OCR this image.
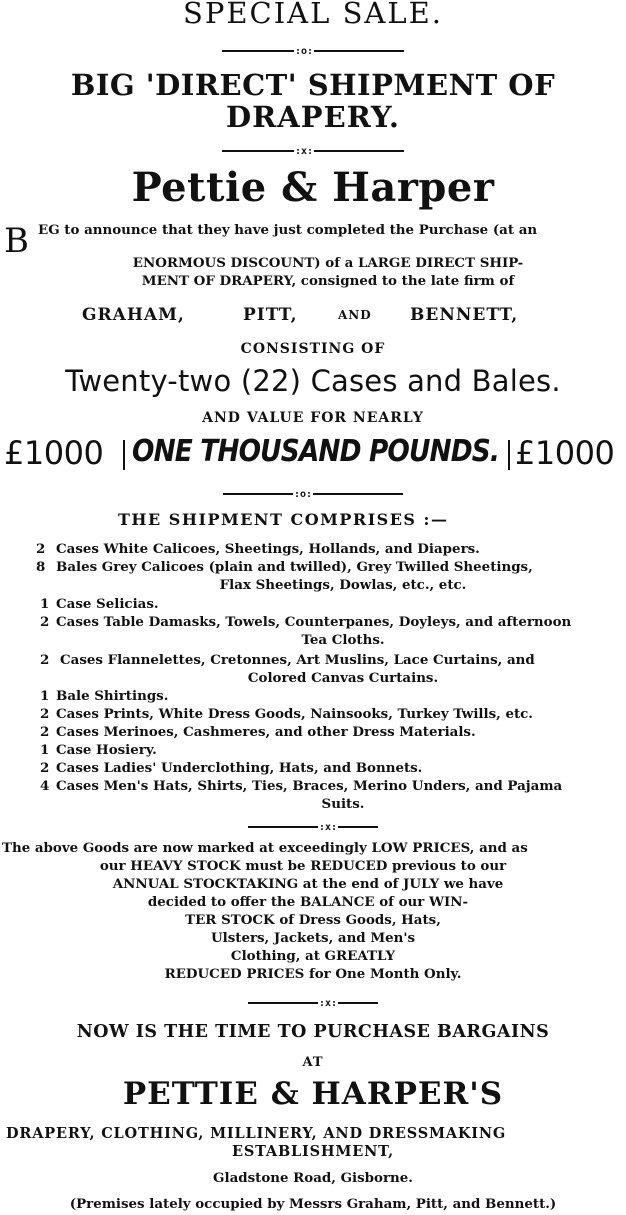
SPECIAL SALE.
:o:
BIG 'DIRECT' SHIPMENT OF
DRAPERY.
:x:
Pettie & Harper
B EG to announce that they have just completed the Purchase (at an
ENORMOUS DISCOUNT) of a LARGE DIRECT SHIP-
MENT OF DRAPERY, consigned to the late firm of
GRAHAM,	PITT,	AND BENNETT,
CONSISTING OF
Twenty-two (22) Cases and Bales.
AND VALUE FOR NEARLY
£1000 ONE THOUSAND POUNDS. £1000
:o:
THE SHIPMENT COMPRISES :—
2 Cases White Calicoes, Sheetings, Hollands, and Diapers.
8 Bales Grey Calicoes (plain and twilled), Grey Twilled Sheetings,
Flax Sheetings, Dowlas, etc., etc.
1 Case Selicias.
2 Cases Table Damasks, Towels, Counterpanes, Doyleys, and afternoon
Tea Cloths.
2 Cases Flannelettes, Cretonnes, Art Muslins, Lace Curtains, and
Colored Canvas Curtains.
1 Bale Shirtings.
2 Cases Prints, White Dress Goods, Nainsooks, Turkey Twills, etc.
2 Cases Merinoes, Cashmeres, and other Dress Materials.
1 Case Hosiery.
2 Cases Ladies' Underclothing, Hats, and Bonnets.
4 Cases Men's Hats, Shirts, Ties, Braces, Merino Unders, and Pajama
Suits.
:x:
The above Goods are now marked at exceedingly LOW PRICES, and as
our HEAVY STOCK must be REDUCED previous to our
ANNUAL STOCKTAKING at the end of JULY we have
decided to offer the BALANCE of our WIN-
TER STOCK of Dress Goods, Hats,
Ulsters, Jackets, and Men's
Clothing, at GREATLY
REDUCED PRICES for One Month Only.
:x:
NOW IS THE TIME TO PURCHASE BARGAINS
AT
PETTIE & HARPER'S
DRAPERY, CLOTHING, MILLINERY, AND DRESSMAKING
ESTABLISHMENT,
Gladstone Road, Gisborne.
(Premises lately occupied by Messrs Graham, Pitt, and Bennett.)
